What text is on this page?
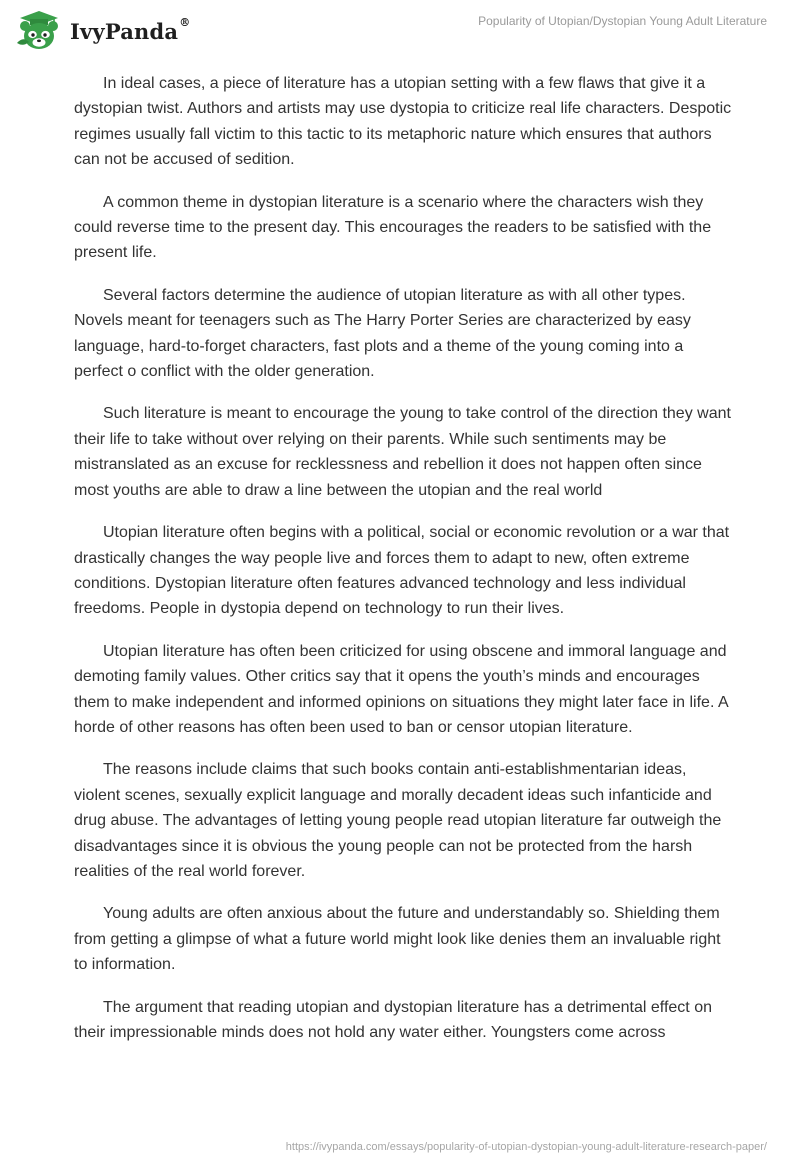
IvyPanda ®	Popularity of Utopian/Dystopian Young Adult Literature

In ideal cases, a piece of literature has a utopian setting with a few flaws that give it a dystopian twist. Authors and artists may use dystopia to criticize real life characters. Despotic regimes usually fall victim to this tactic to its metaphoric nature which ensures that authors can not be accused of sedition.

A common theme in dystopian literature is a scenario where the characters wish they could reverse time to the present day. This encourages the readers to be satisfied with the present life.

Several factors determine the audience of utopian literature as with all other types. Novels meant for teenagers such as The Harry Porter Series are characterized by easy language, hard-to-forget characters, fast plots and a theme of the young coming into a perfect o conflict with the older generation.

Such literature is meant to encourage the young to take control of the direction they want their life to take without over relying on their parents. While such sentiments may be mistranslated as an excuse for recklessness and rebellion it does not happen often since most youths are able to draw a line between the utopian and the real world

Utopian literature often begins with a political, social or economic revolution or a war that drastically changes the way people live and forces them to adapt to new, often extreme conditions. Dystopian literature often features advanced technology and less individual freedoms. People in dystopia depend on technology to run their lives.

Utopian literature has often been criticized for using obscene and immoral language and demoting family values. Other critics say that it opens the youth’s minds and encourages them to make independent and informed opinions on situations they might later face in life. A horde of other reasons has often been used to ban or censor utopian literature.

The reasons include claims that such books contain anti-establishmentarian ideas, violent scenes, sexually explicit language and morally decadent ideas such infanticide and drug abuse. The advantages of letting young people read utopian literature far outweigh the disadvantages since it is obvious the young people can not be protected from the harsh realities of the real world forever.

Young adults are often anxious about the future and understandably so. Shielding them from getting a glimpse of what a future world might look like denies them an invaluable right to information.

The argument that reading utopian and dystopian literature has a detrimental effect on their impressionable minds does not hold any water either. Youngsters come across

https://ivypanda.com/essays/popularity-of-utopian-dystopian-young-adult-literature-research-paper/
